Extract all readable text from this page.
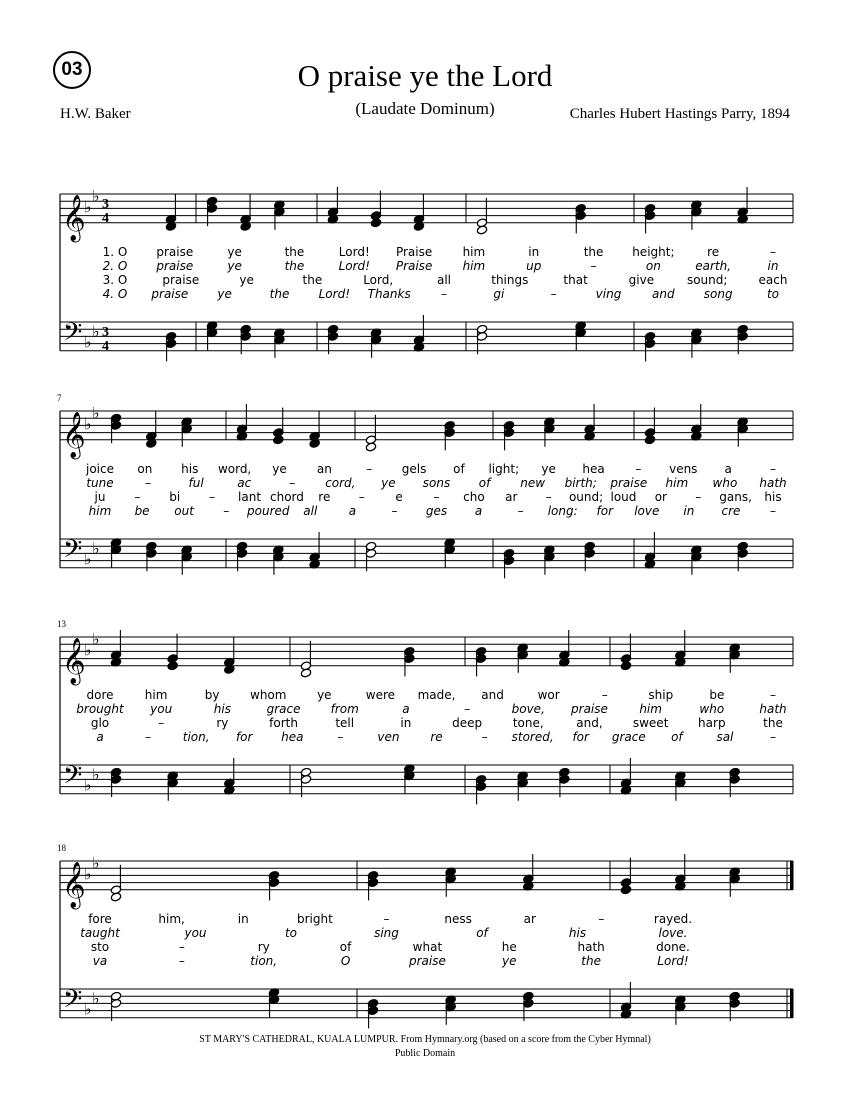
03	O praise ye the Lord
(Laudate Dominum)
H.W. Baker	Charles Hubert Hastings Parry, 1894
𝄞
𝄢
♭
♭
♭
♭
3
4
3
4
1. O praise	ye	the	Lord! Praise	him	in	the height;	re	–
2. O praise	ye	the	Lord! Praise	him	up	–	on	earth,	in
3. O	praise	ye	the	Lord,	all	things	that	give	sound;	each
4. O praise ye	the Lord! Thanks	–	gi	–	ving	and song	to
𝄞
𝄢
♭
♭
♭
♭
7
joice on his word, ye	an	– gels of light; ye hea	– vens a	–
tune	–	ful	ac	– cord, ye sons of new birth; praise him who hath
ju – bi – lant chord re –	e	– cho ar – ound; loud or – gans, his
him be out – poured all	a	– ges a	– long: for love in cre –
𝄞
𝄢
♭
♭
♭
♭
13
dore	him	by	whom	ye	were made, and	wor	–	ship	be	–
brought you	his	grace	from	a	–	bove, praise	him	who	hath
glo	–	ry	forth	tell	in	deep	tone,	and,	sweet harp	the
a	–	tion, for hea	–	ven	re	– stored, for grace of	sal	–
𝄞
𝄢
♭
♭
♭
♭
18
fore	him,	in	bright	–	ness	ar	–	rayed.
taught	you	to	sing	of	his	love.
sto	–	ry	of	what	he	hath	done.
va	–	tion,	O	praise	ye	the	Lord!
ST MARY'S CATHEDRAL, KUALA LUMPUR. From Hymnary.org (based on a score from the Cyber Hymnal)
Public Domain
